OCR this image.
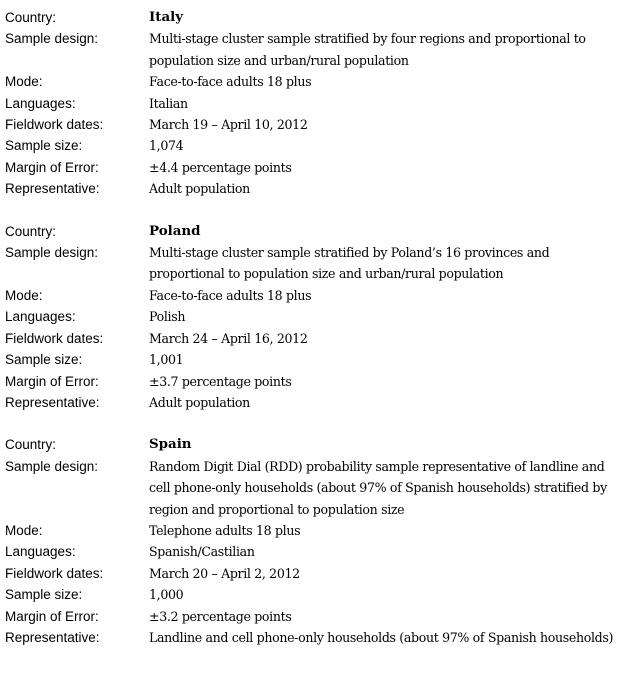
Country:	Italy
Sample design:	Multi-stage cluster sample stratified by four regions and proportional to population size and urban/rural population
Mode:	Face-to-face adults 18 plus
Languages:	Italian
Fieldwork dates:	March 19 – April 10, 2012
Sample size:	1,074
Margin of Error:	±4.4 percentage points
Representative:	Adult population
Country:	Poland
Sample design:	Multi-stage cluster sample stratified by Poland’s 16 provinces and proportional to population size and urban/rural population
Mode:	Face-to-face adults 18 plus
Languages:	Polish
Fieldwork dates:	March 24 – April 16, 2012
Sample size:	1,001
Margin of Error:	±3.7 percentage points
Representative:	Adult population
Country:	Spain
Sample design:	Random Digit Dial (RDD) probability sample representative of landline and cell phone-only households (about 97% of Spanish households) stratified by region and proportional to population size
Mode:	Telephone adults 18 plus
Languages:	Spanish/Castilian
Fieldwork dates:	March 20 – April 2, 2012
Sample size:	1,000
Margin of Error:	±3.2 percentage points
Representative:	Landline and cell phone-only households (about 97% of Spanish households)
